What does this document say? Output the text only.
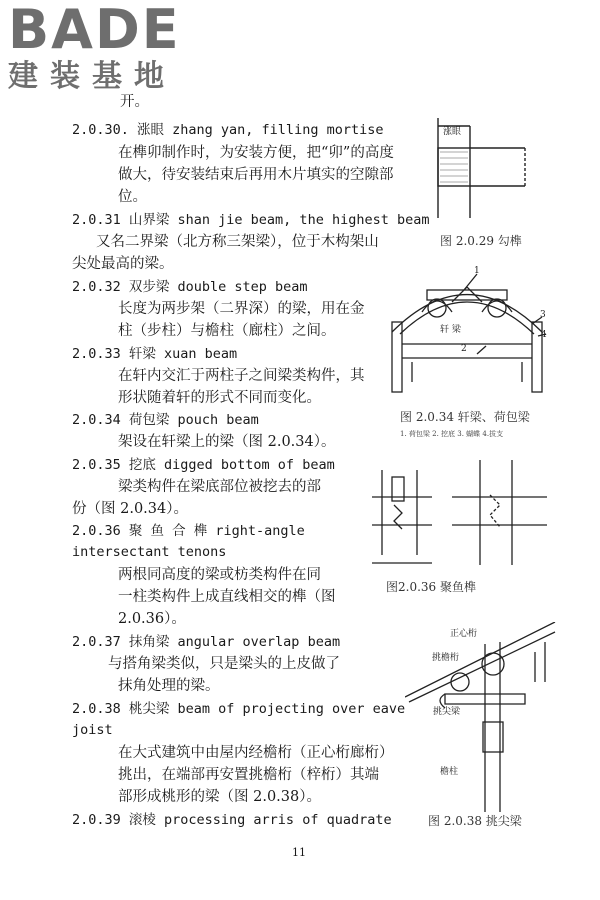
BADE
建装基地
开。
2.0.30. 涨眼 zhang yan, filling mortise
在榫卯制作时，为安装方便，把“卯”的高度
做大，待安装结束后再用木片填实的空隙部
位。
2.0.31 山界梁 shan jie beam, the highest beam
又名二界梁（北方称三架梁），位于木构架山
尖处最高的梁。
2.0.32 双步梁 double step beam
长度为两步架（二界深）的梁，用在金
柱（步柱）与檐柱（廊柱）之间。
2.0.33 轩梁 xuan beam
在轩内交汇于两柱子之间梁类构件，其
形状随着轩的形式不同而变化。
2.0.34 荷包梁 pouch beam
架设在轩梁上的梁（图 2.0.34）。
2.0.35 挖底 digged bottom of beam
梁类构件在梁底部位被挖去的部
份（图 2.0.34）。
2.0.36 聚 鱼 合 榫 right-angle
intersectant tenons
两根同高度的梁或枋类构件在同
一柱类构件上成直线相交的榫（图
2.0.36）。
2.0.37 抹角梁 angular overlap beam
与搭角梁类似，只是梁头的上皮做了
抹角处理的梁。
2.0.38 桃尖梁 beam of projecting over eave
joist
在大式建筑中由屋内经檐桁（正心桁廊桁）
挑出，在端部再安置挑檐桁（梓桁）其端
部形成桃形的梁（图 2.0.38）。
2.0.39 滚棱 processing arris of quadrate
涨眼
图 2.0.29 勾榫
1
2
3
4
轩 梁
图 2.0.34 轩梁、荷包梁
1. 荷包梁 2. 挖底 3. 蝴蝶 4.拔支
图2.0.36 聚鱼榫
正心桁
挑檐桁
挑尖梁
檐柱
图 2.0.38 挑尖梁
11
